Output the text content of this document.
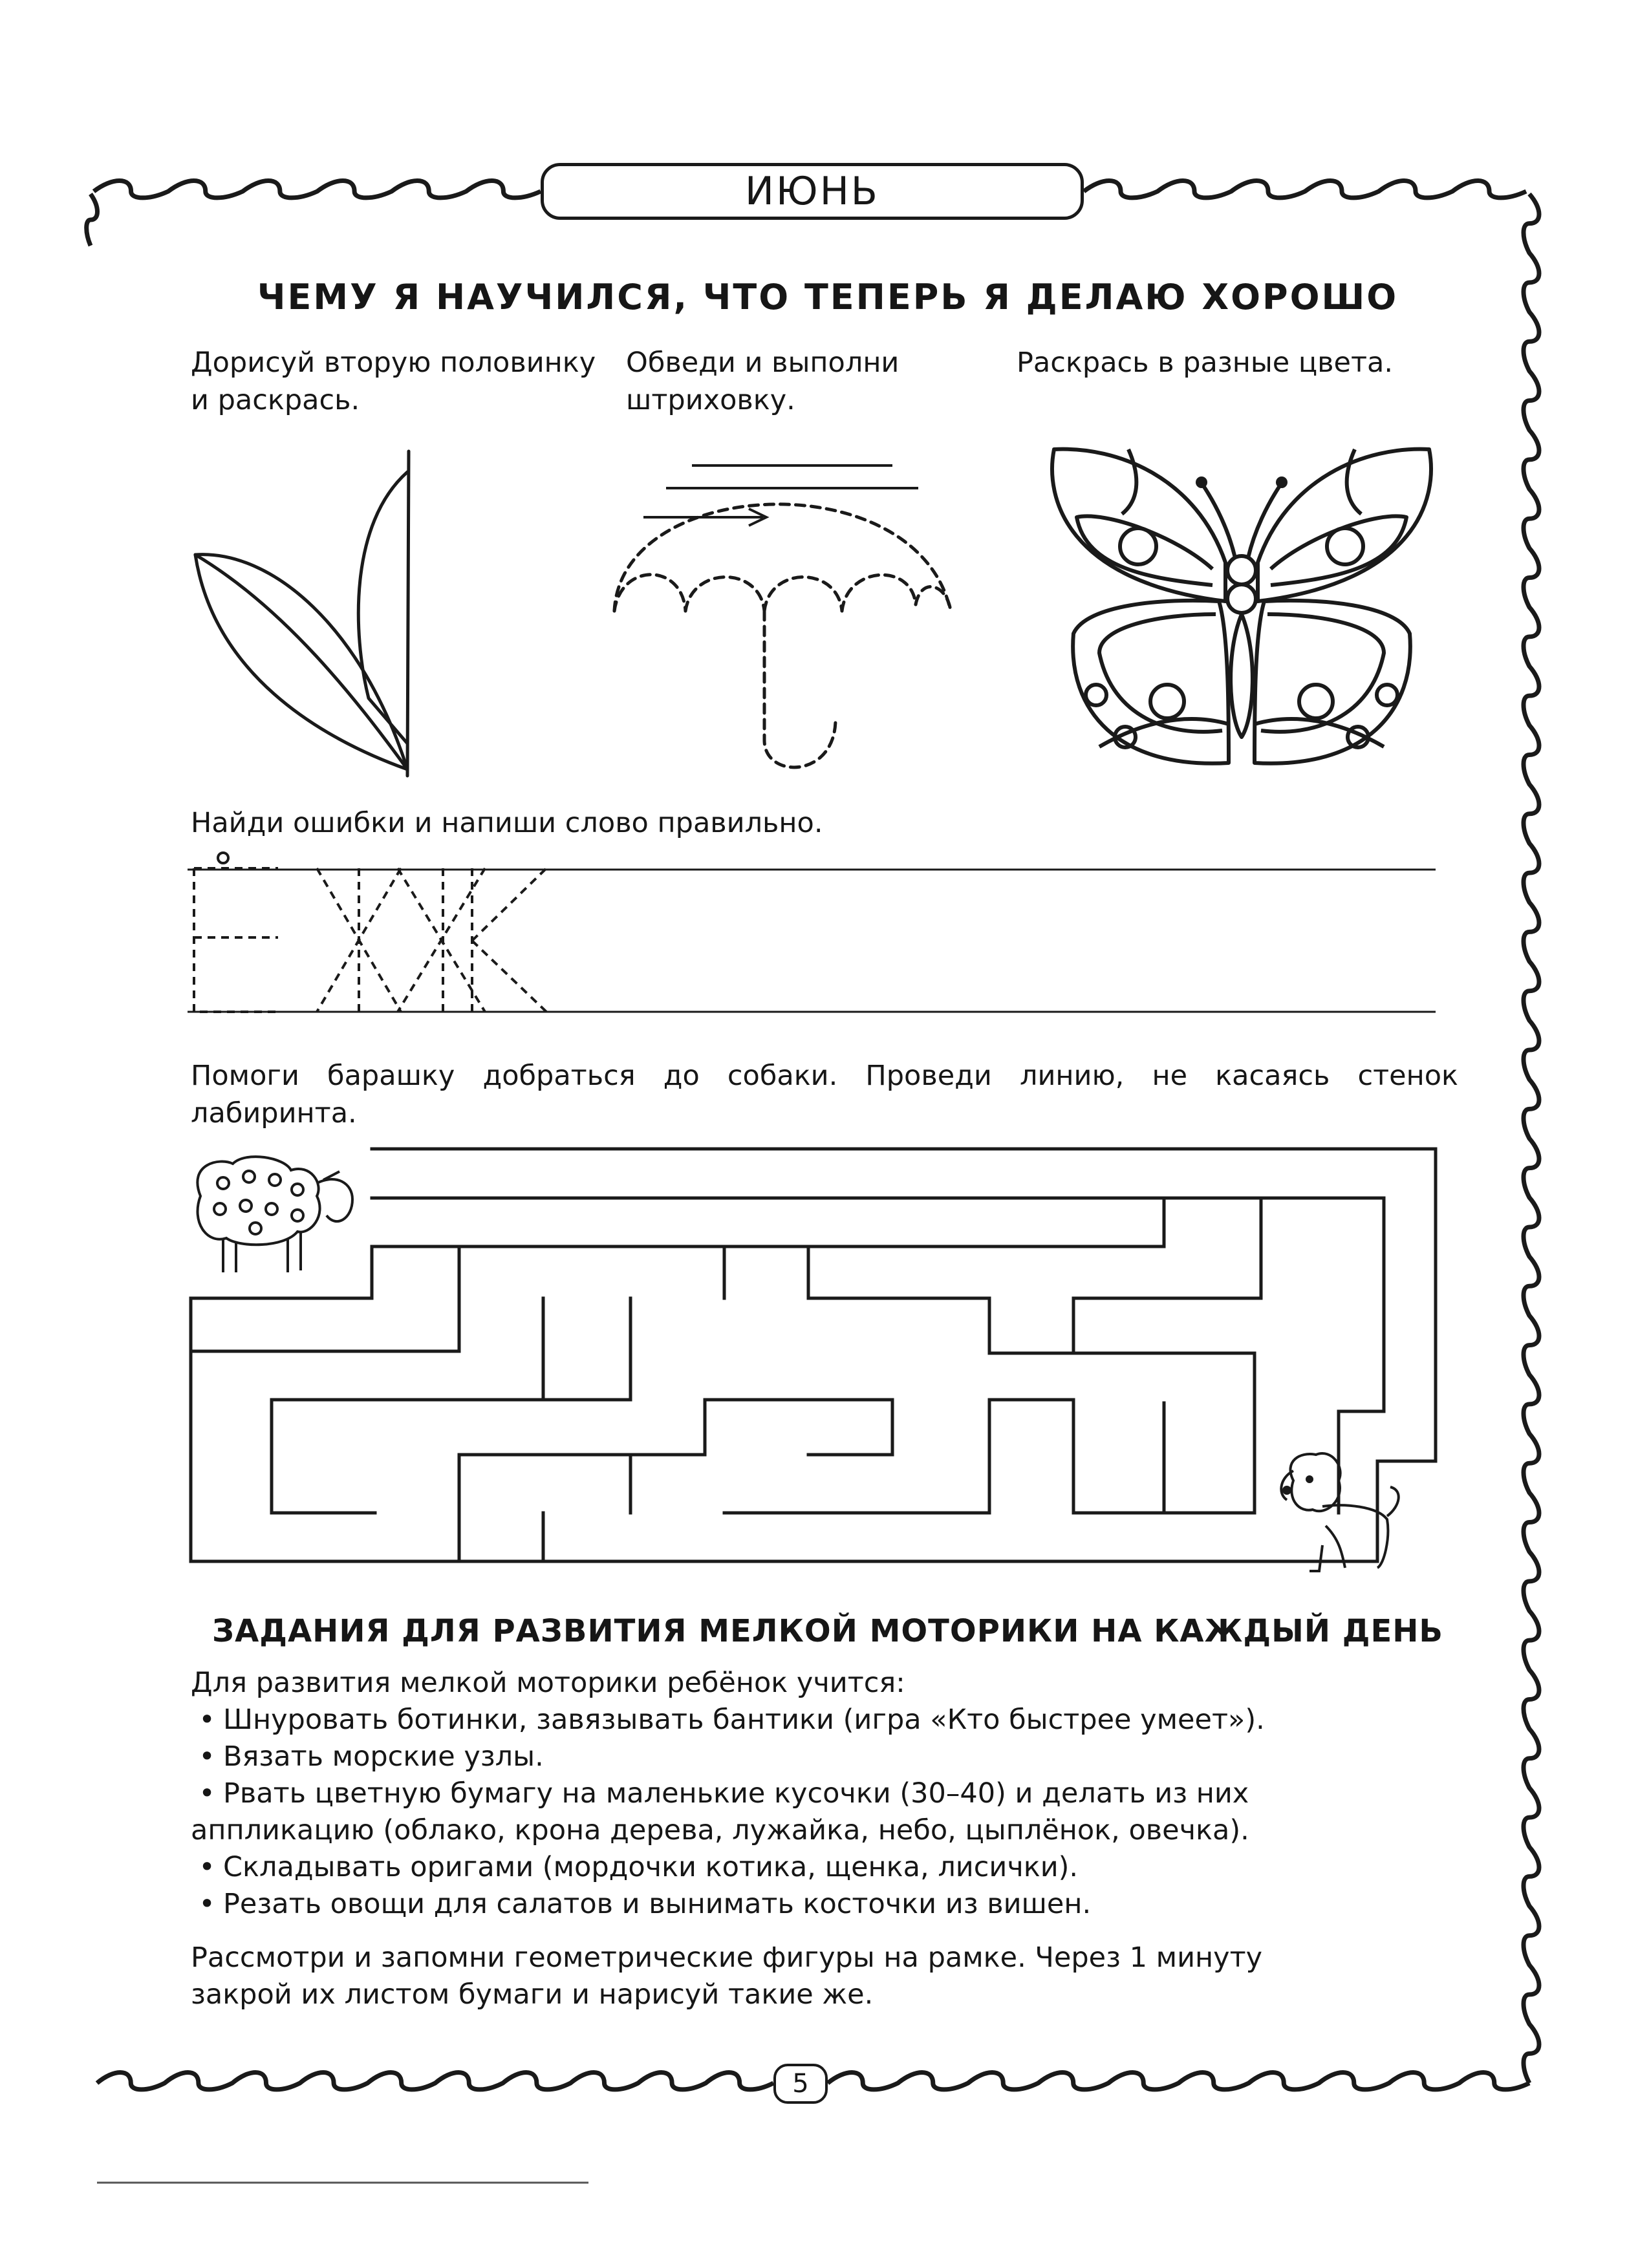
ИЮНЬ
ЧЕМУ Я НАУЧИЛСЯ, ЧТО ТЕПЕРЬ Я ДЕЛАЮ ХОРОШО
Дорисуй вторую половинку и раскрась.
Обведи и выполни штриховку.
Раскрась в разные цвета.
Найди ошибки и напиши слово правильно.
Помоги барашку добраться до собаки. Проведи линию, не касаясь стенок лабиринта.
ЗАДАНИЯ ДЛЯ РАЗВИТИЯ МЕЛКОЙ МОТОРИКИ НА КАЖДЫЙ ДЕНЬ
Для развития мелкой моторики ребёнок учится:
• Шнуровать ботинки, завязывать бантики (игра «Кто быстрее умеет»).
• Вязать морские узлы.
• Рвать цветную бумагу на маленькие кусочки (30–40) и делать из них
аппликацию (облако, крона дерева, лужайка, небо, цыплёнок, овечка).
• Складывать оригами (мордочки котика, щенка, лисички).
• Резать овощи для салатов и вынимать косточки из вишен.
Рассмотри и запомни геометрические фигуры на рамке. Через 1 минуту
закрой их листом бумаги и нарисуй такие же.
5
